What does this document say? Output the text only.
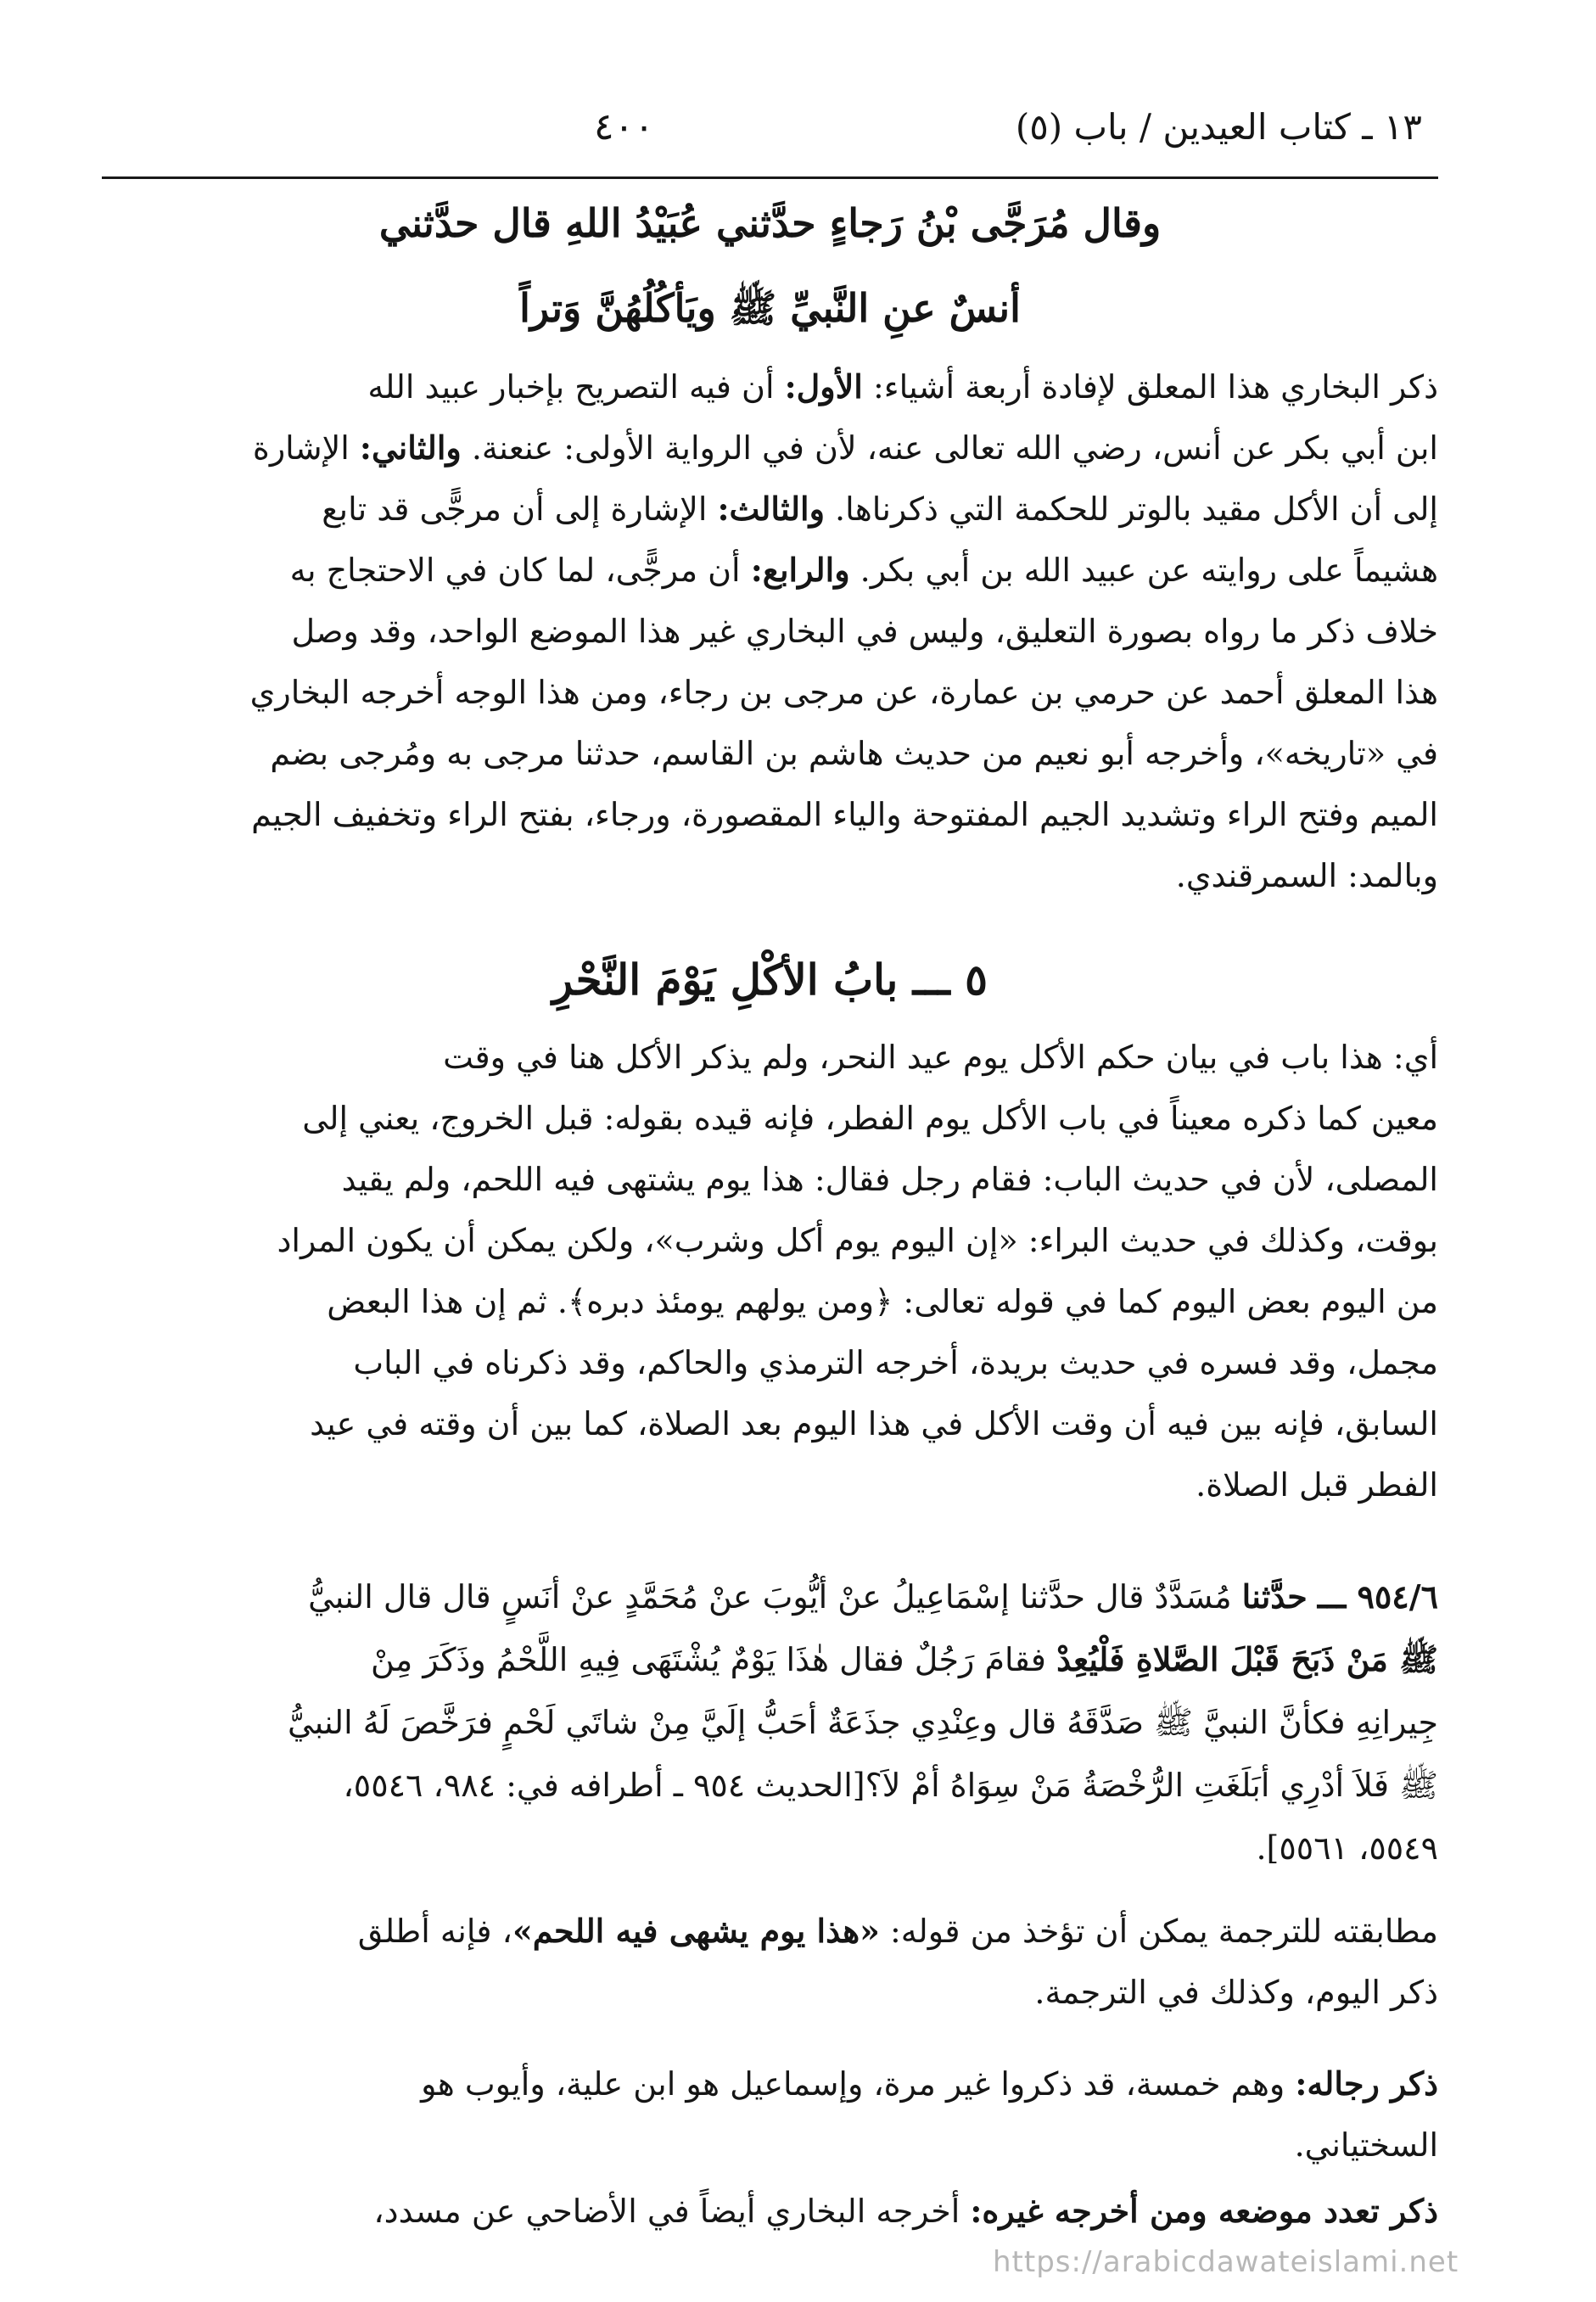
٤٠٠	١٣ ـ كتاب العيدين / باب (٥)
وقال مُرَجَّى بْنُ رَجاءٍ حدَّثني عُبَيْدُ اللهِ قال حدَّثني
أنسٌ عنِ النَّبيِّ ﷺ ويَأكُلُهُنَّ وَتراً
ذكر البخاري هذا المعلق لإفادة أربعة أشياء: الأول: أن فيه التصريح بإخبار عبيد الله
ابن أبي بكر عن أنس، رضي الله تعالى عنه، لأن في الرواية الأولى: عنعنة. والثاني: الإشارة
إلى أن الأكل مقيد بالوتر للحكمة التي ذكرناها. والثالث: الإشارة إلى أن مرجًّى قد تابع
هشيماً على روايته عن عبيد الله بن أبي بكر. والرابع: أن مرجًّى، لما كان في الاحتجاج به
خلاف ذكر ما رواه بصورة التعليق، وليس في البخاري غير هذا الموضع الواحد، وقد وصل
هذا المعلق أحمد عن حرمي بن عمارة، عن مرجى بن رجاء، ومن هذا الوجه أخرجه البخاري
في «تاريخه»، وأخرجه أبو نعيم من حديث هاشم بن القاسم، حدثنا مرجى به ومُرجى بضم
الميم وفتح الراء وتشديد الجيم المفتوحة والياء المقصورة، ورجاء، بفتح الراء وتخفيف الجيم
وبالمد: السمرقندي.
٥ ـــ بابُ الأكْلِ يَوْمَ النَّحْرِ
أي: هذا باب في بيان حكم الأكل يوم عيد النحر، ولم يذكر الأكل هنا في وقت
معين كما ذكره معيناً في باب الأكل يوم الفطر، فإنه قيده بقوله: قبل الخروج، يعني إلى
المصلى، لأن في حديث الباب: فقام رجل فقال: هذا يوم يشتهى فيه اللحم، ولم يقيد
بوقت، وكذلك في حديث البراء: «إن اليوم يوم أكل وشرب»، ولكن يمكن أن يكون المراد
من اليوم بعض اليوم كما في قوله تعالى: ﴿ومن يولهم يومئذ دبره﴾. ثم إن هذا البعض
مجمل، وقد فسره في حديث بريدة، أخرجه الترمذي والحاكم، وقد ذكرناه في الباب
السابق، فإنه بين فيه أن وقت الأكل في هذا اليوم بعد الصلاة، كما بين أن وقته في عيد
الفطر قبل الصلاة.
٩٥٤/٦ ـــ حدَّثنا مُسَدَّدٌ قال حدَّثنا إسْمَاعِيلُ عنْ أيُّوبَ عنْ مُحَمَّدٍ عنْ أنَسٍ قال قال النبيُّ
ﷺ مَنْ ذَبَحَ قَبْلَ الصَّلاةِ فَلْيُعِدْ فقامَ رَجُلٌ فقال هٰذَا يَوْمٌ يُشْتَهَى فِيهِ اللَّحْمُ وذَكَرَ مِنْ
جِيرانِهِ فكأنَّ النبيَّ ﷺ صَدَّقَهُ قال وعِنْدِي جذَعَةٌ أحَبُّ إلَيَّ مِنْ شاتَي لَحْمٍ فرَخَّصَ لَهُ النبيُّ
ﷺ فَلاَ أدْرِي أبَلَغَتِ الرُّخْصَةُ مَنْ سِوَاهُ أمْ لاَ؟[الحديث ٩٥٤ ـ أطرافه في: ٩٨٤، ٥٥٤٦،
٥٥٤٩، ٥٥٦١].
مطابقته للترجمة يمكن أن تؤخذ من قوله: «هذا يوم يشهى فيه اللحم»، فإنه أطلق
ذكر اليوم، وكذلك في الترجمة.
ذكر رجاله: وهم خمسة، قد ذكروا غير مرة، وإسماعيل هو ابن علية، وأيوب هو
السختياني.
ذكر تعدد موضعه ومن أخرجه غيره: أخرجه البخاري أيضاً في الأضاحي عن مسدد،
https://arabicdawateislami.net
